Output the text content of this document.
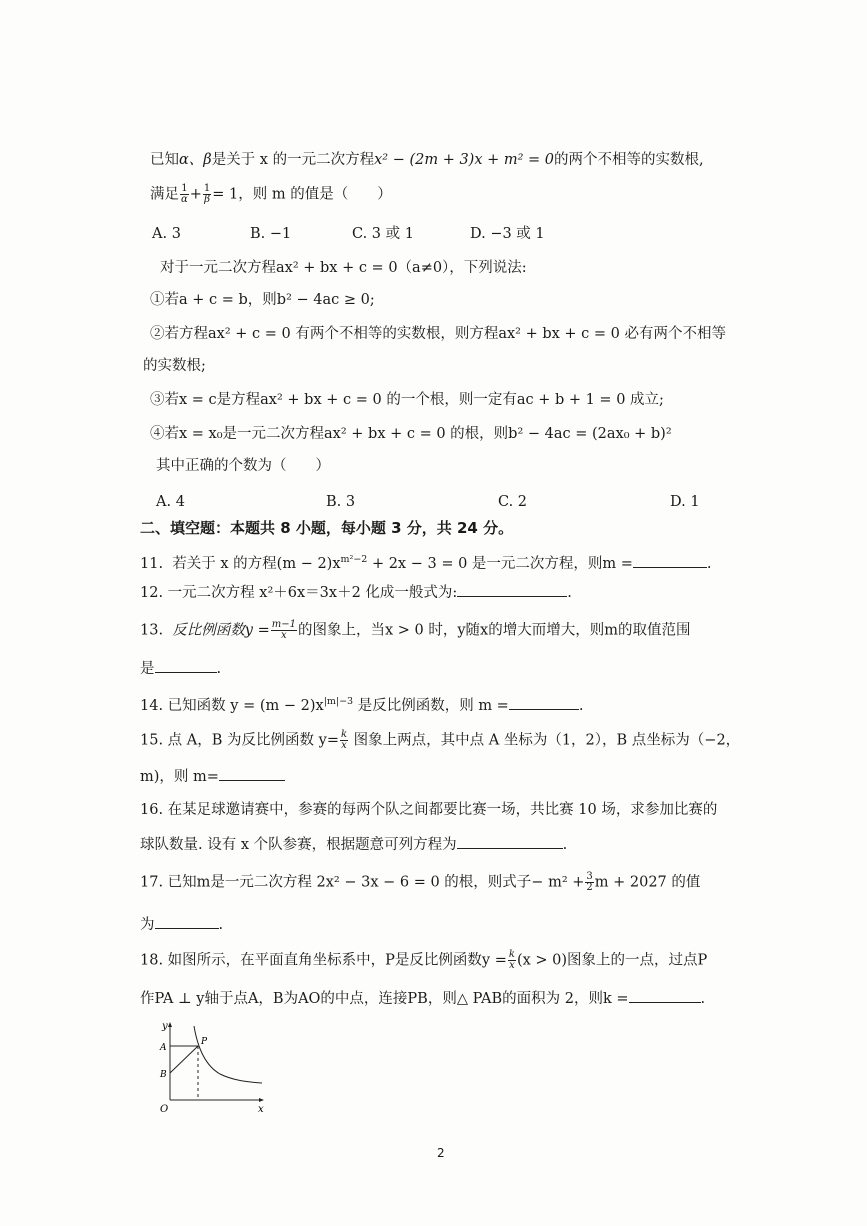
已知α、β是关于 x 的一元二次方程x² − (2m + 3)x + m² = 0的两个不相等的实数根,
满足 $\frac{1}{\alpha} + \frac{1}{\beta} = 1$，则 m 的值是（　　）
A. 3	B. −1	C. 3 或 1	D. −3 或 1
对于一元二次方程ax² + bx + c = 0（a≠0），下列说法:
①若a + c = b，则b² − 4ac ≥ 0;
②若方程ax² + c = 0 有两个不相等的实数根，则方程ax² + bx + c = 0 必有两个不相等
的实数根;
③若x = c是方程ax² + bx + c = 0 的一个根，则一定有ac + b + 1 = 0 成立;
④若x = x₀是一元二次方程ax² + bx + c = 0 的根，则b² − 4ac = (2ax₀ + b)²
其中正确的个数为（　　）
A. 4	B. 3	C. 2	D. 1
二、填空题：本题共 8 小题，每小题 3 分，共 24 分。
11. 若关于 x 的方程$(m - 2)x^{m^2-2} + 2x - 3 = 0$ 是一元二次方程，则m =	.
12. 一元二次方程 x²＋6x＝3x＋2 化成一般式为:	.
13. 反比例函数$y = \frac{m-1}{x}$ 的图象上，当x > 0 时，y随x的增大而增大，则m的取值范围
是	.
14. 已知函数 $y = (m - 2)x^{|m|-3}$ 是反比例函数，则 m =	.
15. 点 A，B 为反比例函数 $y= \frac{k}{x}$ 图象上两点，其中点 A 坐标为（1，2），B 点坐标为（−2，
m)，则 m=
16. 在某足球邀请赛中，参赛的每两个队之间都要比赛一场，共比赛 10 场，求参加比赛的
球队数量. 设有 x 个队参赛，根据题意可列方程为	.
17. 已知m是一元二次方程 2x² − 3x − 6 = 0 的根，则式子− $m^2 + \frac{3}{2}$ m + 2027 的值
为	.
18. 如图所示，在平面直角坐标系中，P是反比例函数$y = \frac{k}{x} (x > 0)$图象上的一点，过点P
作PA ⊥ y轴于点A，B为AO的中点，连接PB，则△ PAB的面积为 2，则k =	.
y
x
O
A
P
B
2
